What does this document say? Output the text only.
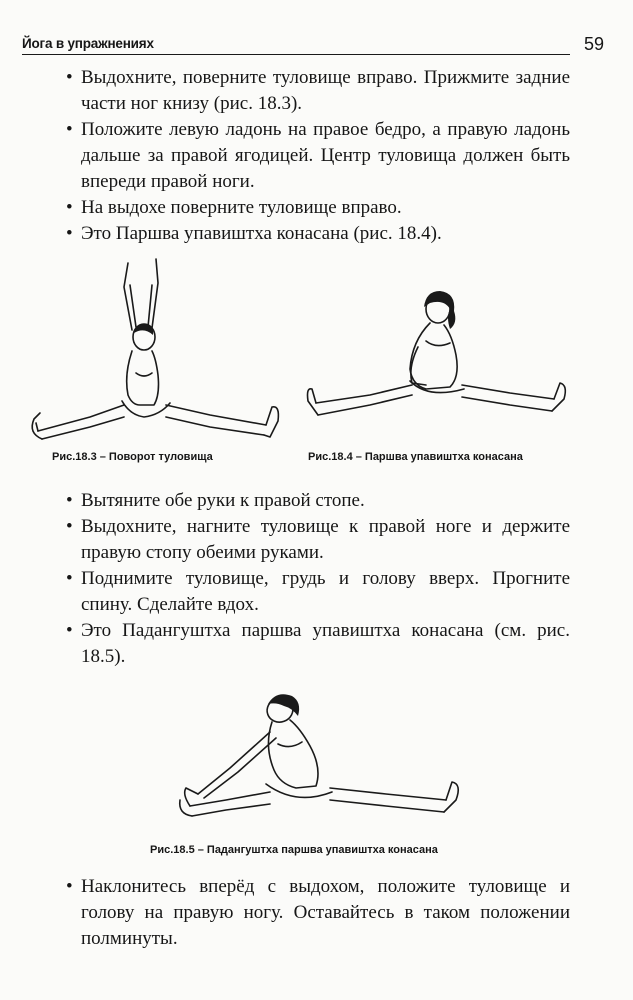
Йога в упражнениях	59
• Выдохните, поверните туловище вправо. Прижмите задние части ног книзу (рис. 18.3).
• Положите левую ладонь на правое бедро, а правую ладонь дальше за правой ягодицей. Центр туловища должен быть впереди правой ноги.
• На выдохе поверните туловище вправо.
• Это Паршва упавиштха конасана (рис. 18.4).
Рис.18.3 – Поворот туловища	Рис.18.4 – Паршва упавиштха конасана
• Вытяните обе руки к правой стопе.
• Выдохните, нагните туловище к правой ноге и держите правую стопу обеими руками.
• Поднимите туловище, грудь и голову вверх. Прогните спину. Сделайте вдох.
• Это Падангуштха паршва упавиштха конасана (см. рис. 18.5).
Рис.18.5 – Падангуштха паршва упавиштха конасана
• Наклонитесь вперёд с выдохом, положите туловище и голову на правую ногу. Оставайтесь в таком положении полминуты.
